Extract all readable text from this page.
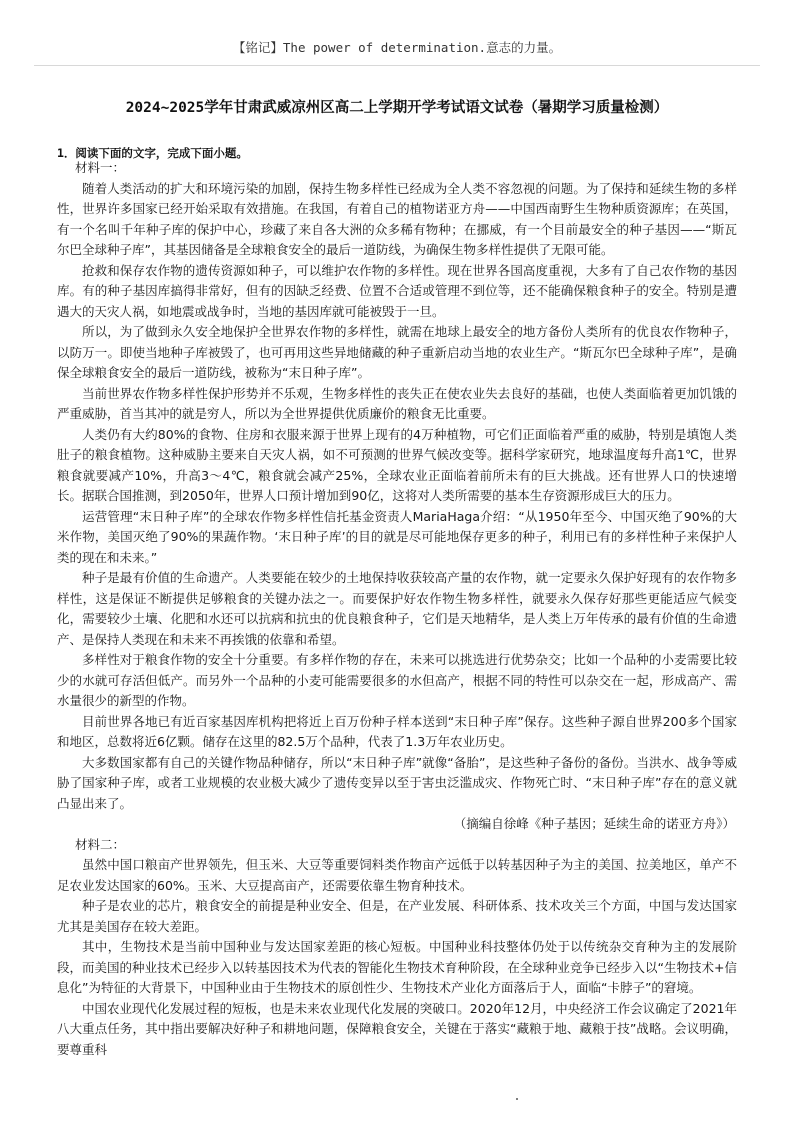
【铭记】The power of determination.意志的力量。
2024~2025学年甘肃武威凉州区高二上学期开学考试语文试卷（暑期学习质量检测）
1．阅读下面的文字，完成下面小题。

材料一：

随着人类活动的扩大和环境污染的加剧，保持生物多样性已经成为全人类不容忽视的问题。为了保持和延续生物的多样性，世界许多国家已经开始采取有效措施。在我国，有着自己的植物诺亚方舟——中国西南野生生物种质资源库；在英国，有一个名叫千年种子库的保护中心，珍藏了来自各大洲的众多稀有物种；在挪威，有一个目前最安全的种子基因——“斯瓦尔巴全球种子库”，其基因储备是全球粮食安全的最后一道防线，为确保生物多样性提供了无限可能。

抢救和保存农作物的遗传资源如种子，可以维护农作物的多样性。现在世界各国高度重视，大多有了自己农作物的基因库。有的种子基因库搞得非常好，但有的因缺乏经费、位置不合适或管理不到位等，还不能确保粮食种子的安全。特别是遭遇大的天灾人祸，如地震或战争时，当地的基因库就可能被毁于一旦。

所以，为了做到永久安全地保护全世界农作物的多样性，就需在地球上最安全的地方备份人类所有的优良农作物种子，以防万一。即使当地种子库被毁了，也可再用这些异地储藏的种子重新启动当地的农业生产。“斯瓦尔巴全球种子库”，是确保全球粮食安全的最后一道防线，被称为“末日种子库”。

当前世界农作物多样性保护形势并不乐观，生物多样性的丧失正在使农业失去良好的基础，也使人类面临着更加饥饿的严重威胁，首当其冲的就是穷人，所以为全世界提供优质廉价的粮食无比重要。

人类仍有大约80%的食物、住房和衣服来源于世界上现有的4万种植物，可它们正面临着严重的威胁，特别是填饱人类肚子的粮食植物。这种威胁主要来自天灾人祸，如不可预测的世界气候改变等。据科学家研究，地球温度每升高1℃，世界粮食就要减产10%，升高3～4℃，粮食就会减产25%，全球农业正面临着前所未有的巨大挑战。还有世界人口的快速增长。据联合国推测，到2050年，世界人口预计增加到90亿，这将对人类所需要的基本生存资源形成巨大的压力。

运营管理“末日种子库”的全球农作物多样性信托基金资责人MariaHaga介绍：“从1950年至今、中国灭绝了90%的大米作物，美国灭绝了90%的果蔬作物。‘末日种子库’的目的就是尽可能地保存更多的种子，利用已有的多样性种子来保护人类的现在和未来。”

种子是最有价值的生命遗产。人类要能在较少的土地保持收获较高产量的农作物，就一定要永久保护好现有的农作物多样性，这是保证不断提供足够粮食的关键办法之一。而要保护好农作物生物多样性，就要永久保存好那些更能适应气候变化，需要较少土壤、化肥和水还可以抗病和抗虫的优良粮食种子，它们是天地精华，是人类上万年传承的最有价值的生命遗产、是保持人类现在和未来不再挨饿的依靠和希望。

多样性对于粮食作物的安全十分重要。有多样作物的存在，未来可以挑选进行优势杂交；比如一个品种的小麦需要比较少的水就可存活但低产。而另外一个品种的小麦可能需要很多的水但高产，根据不同的特性可以杂交在一起，形成高产、需水量很少的新型的作物。

目前世界各地已有近百家基因库机构把将近上百万份种子样本送到“末日种子库”保存。这些种子源自世界200多个国家和地区，总数将近6亿颗。储存在这里的82.5万个品种，代表了1.3万年农业历史。

大多数国家都有自己的关键作物品种储存，所以“末日种子库”就像“备胎”，是这些种子备份的备份。当洪水、战争等威胁了国家种子库，或者工业规模的农业极大减少了遗传变异以至于害虫泛滥成灾、作物死亡时、“末日种子库”存在的意义就凸显出来了。

（摘编自徐峰《种子基因；延续生命的诺亚方舟》）

材料二：

虽然中国口粮亩产世界领先，但玉米、大豆等重要饲料类作物亩产远低于以转基因种子为主的美国、拉美地区，单产不足农业发达国家的60%。玉米、大豆提高亩产，还需要依靠生物育种技术。

种子是农业的芯片，粮食安全的前提是种业安全、但是，在产业发展、科研体系、技术攻关三个方面，中国与发达国家尤其是美国存在较大差距。

其中，生物技术是当前中国种业与发达国家差距的核心短板。中国种业科技整体仍处于以传统杂交育种为主的发展阶段，而美国的种业技术已经步入以转基因技术为代表的智能化生物技术育种阶段，在全球种业竞争已经步入以“生物技术+信息化”为特征的大背景下，中国种业由于生物技术的原创性少、生物技术产业化方面落后于人，面临“卡脖子”的窘境。

中国农业现代化发展过程的短板，也是未来农业现代化发展的突破口。2020年12月，中央经济工作会议确定了2021年八大重点任务，其中指出要解决好种子和耕地问题，保障粮食安全，关键在于落实“藏粮于地、藏粮于技”战略。会议明确，要尊重科
